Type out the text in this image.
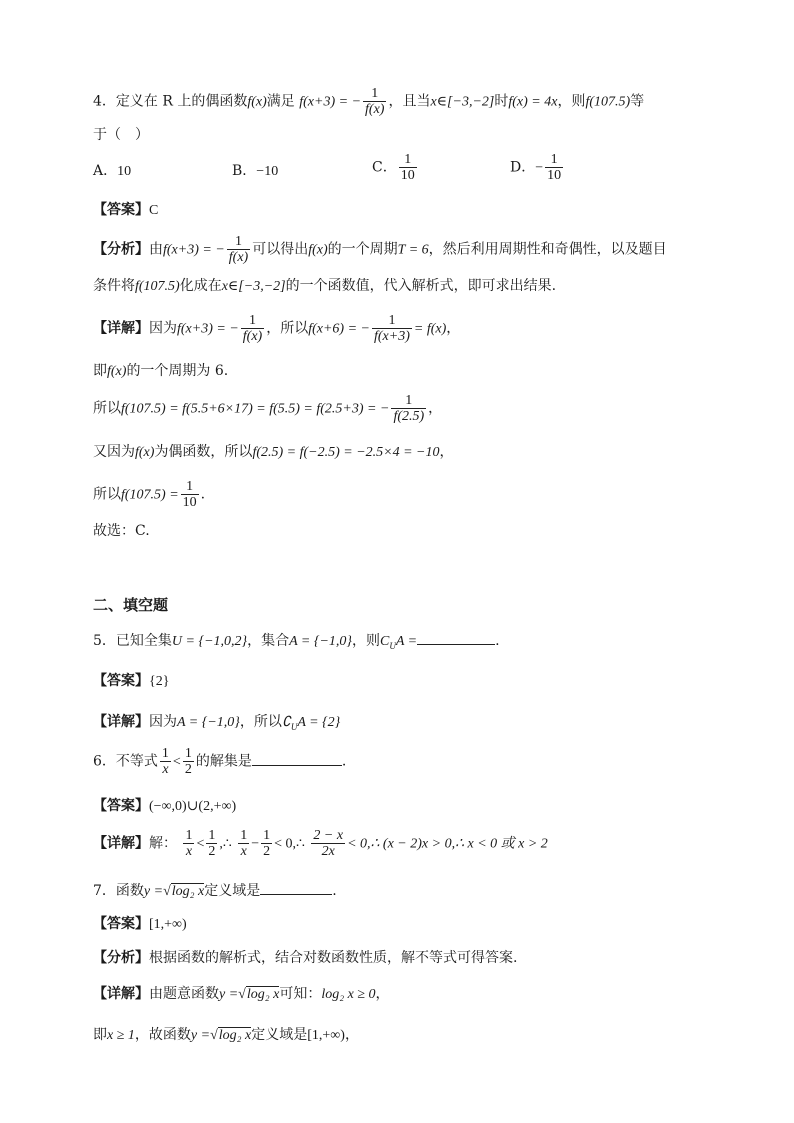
4．定义在 R 上的偶函数f(x)满足 f(x+3) = − $\frac{1}{f(x)}$ ，且当x∈[−3,−2]时f(x) = 4x，则f(107.5)等
于（　）
A．10	B．−10	C． $\frac{1}{10}$	D．− $\frac{1}{10}$
【答案】C
【分析】由f(x+3) = − $\frac{1}{f(x)}$ 可以得出f(x)的一个周期T = 6，然后利用周期性和奇偶性，以及题目
条件将f(107.5)化成在x∈[−3,−2]的一个函数值，代入解析式，即可求出结果.
【详解】因为f(x+3) = − $\frac{1}{f(x)}$ ，所以f(x+6) = − $\frac{1}{f(x+3)} = f(x)$，
即f(x)的一个周期为 6.
所以f(107.5) = f(5.5+6×17) = f(5.5) = f(2.5+3) = − $\frac{1}{f(2.5)}$ ，
又因为f(x)为偶函数，所以f(2.5) = f(−2.5) = −2.5×4 = −10，
所以$f(107.5) = \frac{1}{10}$ .
故选：C.
二、填空题
5．已知全集U = {−1,0,2}，集合A = {−1,0}，则$C_UA$ =	.
【答案】{2}
【详解】因为A = {−1,0}，所以$∁_UA = \{2\}$
6．不等式 $\frac{1}{x} < \frac{1}{2}$ 的解集是	.
【答案】(−∞,0)∪(2,+∞)
【详解】解： $\frac{1}{x} < \frac{1}{2}$ ,∴ $\frac{1}{x} - \frac{1}{2}$ < 0,∴ $\frac{2 - x}{2x}$ < 0,∴ (x − 2)x > 0,∴ x < 0 或 x > 2
7．函数y =√log₂ x定义域是	.
【答案】[1,+∞)
【分析】根据函数的解析式，结合对数函数性质，解不等式可得答案.
【详解】由题意函数y =√log₂ x可知：log₂ x ≥ 0，
即x ≥ 1，故函数y =√log₂ x定义域是[1,+∞)，
